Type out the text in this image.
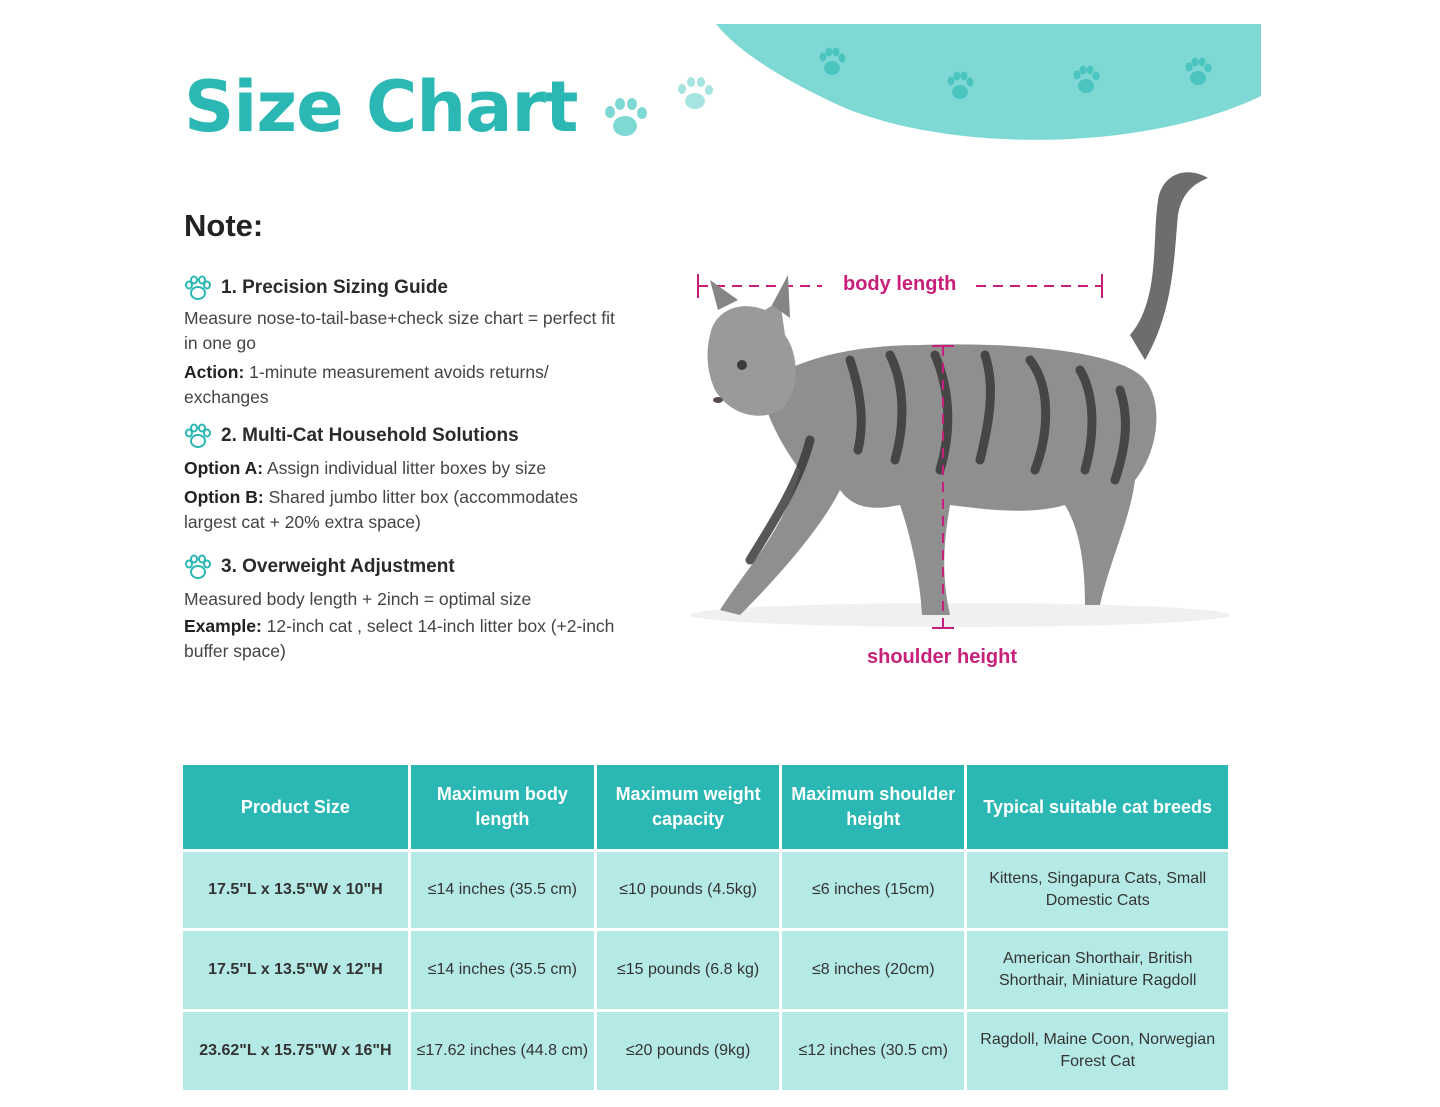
Size Chart
Note:
1. Precision Sizing Guide

Measure nose-to-tail-base+check size chart = perfect fit in one go

Action: 1-minute measurement avoids returns/ exchanges

2. Multi-Cat Household Solutions

Option A: Assign individual litter boxes by size

Option B: Shared jumbo litter box (accommodates largest cat + 20% extra space)

3. Overweight Adjustment

Measured body length + 2inch = optimal size

Example: 12-inch cat , select 14-inch litter box (+2-inch buffer space)

body length
shoulder height
Product Size	Maximum body length	Maximum weight capacity	Maximum shoulder height	Typical suitable cat breeds
17.5"L x 13.5"W x 10"H	≤14 inches (35.5 cm)	≤10 pounds (4.5kg)	≤6 inches (15cm)	Kittens, Singapura Cats, Small Domestic Cats
17.5"L x 13.5"W x 12"H	≤14 inches (35.5 cm)	≤15 pounds (6.8 kg)	≤8 inches (20cm)	American Shorthair, British Shorthair, Miniature Ragdoll
23.62"L x 15.75"W x 16"H	≤17.62 inches (44.8 cm)	≤20 pounds (9kg)	≤12 inches (30.5 cm)	Ragdoll, Maine Coon, Norwegian Forest Cat
